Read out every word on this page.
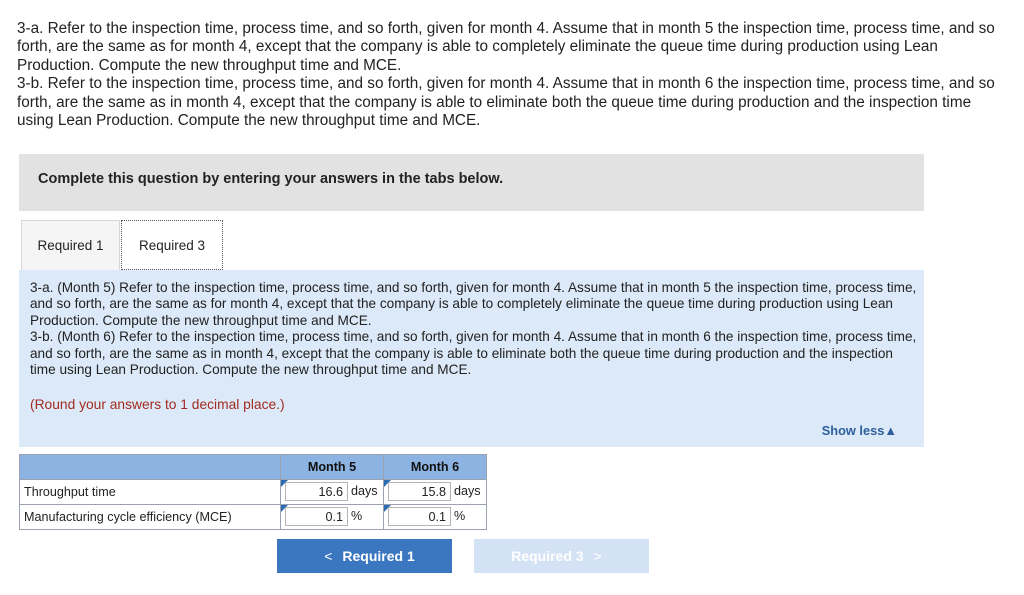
3-a. Refer to the inspection time, process time, and so forth, given for month 4. Assume that in month 5 the inspection time, process time, and so forth, are the same as for month 4, except that the company is able to completely eliminate the queue time during production using Lean Production. Compute the new throughput time and MCE.

3-b. Refer to the inspection time, process time, and so forth, given for month 4. Assume that in month 6 the inspection time, process time, and so forth, are the same as in month 4, except that the company is able to eliminate both the queue time during production and the inspection time using Lean Production. Compute the new throughput time and MCE.

Complete this question by entering your answers in the tabs below.
Required 1	Required 3

3-a. (Month 5) Refer to the inspection time, process time, and so forth, given for month 4. Assume that in month 5 the inspection time, process time, and so forth, are the same as for month 4, except that the company is able to completely eliminate the queue time during production using Lean Production. Compute the new throughput time and MCE.

3-b. (Month 6) Refer to the inspection time, process time, and so forth, given for month 4. Assume that in month 6 the inspection time, process time, and so forth, are the same as in month 4, except that the company is able to eliminate both the queue time during production and the inspection time using Lean Production. Compute the new throughput time and MCE.

(Round your answers to 1 decimal place.)
Show less▲
	Month 5	Month 6
Throughput time	16.6 days	15.8 days

Manufacturing cycle efficiency (MCE)	0.1 %	0.1 %
< Required 1	Required 3 >
